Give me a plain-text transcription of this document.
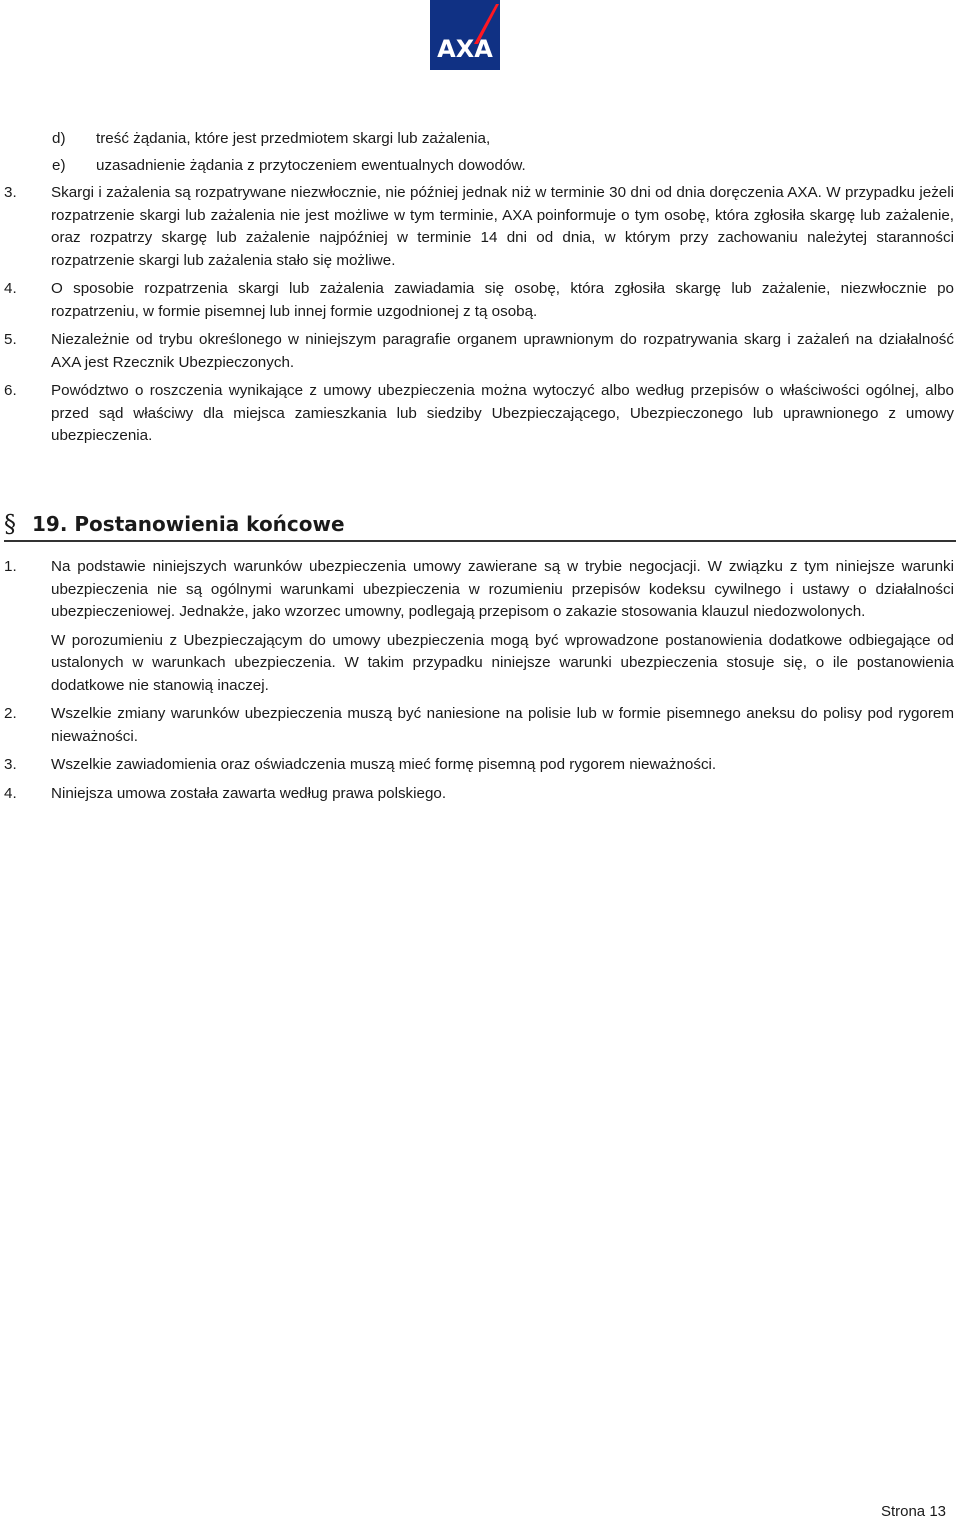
AXA
d) treść żądania, które jest przedmiotem skargi lub zażalenia,

e) uzasadnienie żądania z przytoczeniem ewentualnych dowodów.

3. Skargi i zażalenia są rozpatrywane niezwłocznie, nie później jednak niż w terminie 30 dni od dnia doręczenia AXA. W przypadku jeżeli rozpatrzenie skargi lub zażalenia nie jest możliwe w tym terminie, AXA poinformuje o tym osobę, która zgłosiła skargę lub zażalenie, oraz rozpatrzy skargę lub zażalenie najpóźniej w terminie 14 dni od dnia, w którym przy zachowaniu należytej staranności rozpatrzenie skargi lub zażalenia stało się możliwe.

4. O sposobie rozpatrzenia skargi lub zażalenia zawiadamia się osobę, która zgłosiła skargę lub zażalenie, niezwłocznie po rozpatrzeniu, w formie pisemnej lub innej formie uzgodnionej z tą osobą.

5. Niezależnie od trybu określonego w niniejszym paragrafie organem uprawnionym do rozpatrywania skarg i zażaleń na działalność AXA jest Rzecznik Ubezpieczonych.

6. Powództwo o roszczenia wynikające z umowy ubezpieczenia można wytoczyć albo według przepisów o właściwości ogólnej, albo przed sąd właściwy dla miejsca zamieszkania lub siedziby Ubezpieczającego, Ubezpieczonego lub uprawnionego z umowy ubezpieczenia.

§ 19. Postanowienia końcowe
1. Na podstawie niniejszych warunków ubezpieczenia umowy zawierane są w trybie negocjacji. W związku z tym niniejsze warunki ubezpieczenia nie są ogólnymi warunkami ubezpieczenia w rozumieniu przepisów kodeksu cywilnego i ustawy o działalności ubezpieczeniowej. Jednakże, jako wzorzec umowny, podlegają przepisom o zakazie stosowania klauzul niedozwolonych.

W porozumieniu z Ubezpieczającym do umowy ubezpieczenia mogą być wprowadzone postanowienia dodatkowe odbiegające od ustalonych w warunkach ubezpieczenia. W takim przypadku niniejsze warunki ubezpieczenia stosuje się, o ile postanowienia dodatkowe nie stanowią inaczej.

2. Wszelkie zmiany warunków ubezpieczenia muszą być naniesione na polisie lub w formie pisemnego aneksu do polisy pod rygorem nieważności.

3. Wszelkie zawiadomienia oraz oświadczenia muszą mieć formę pisemną pod rygorem nieważności.

4. Niniejsza umowa została zawarta według prawa polskiego.

Strona 13
